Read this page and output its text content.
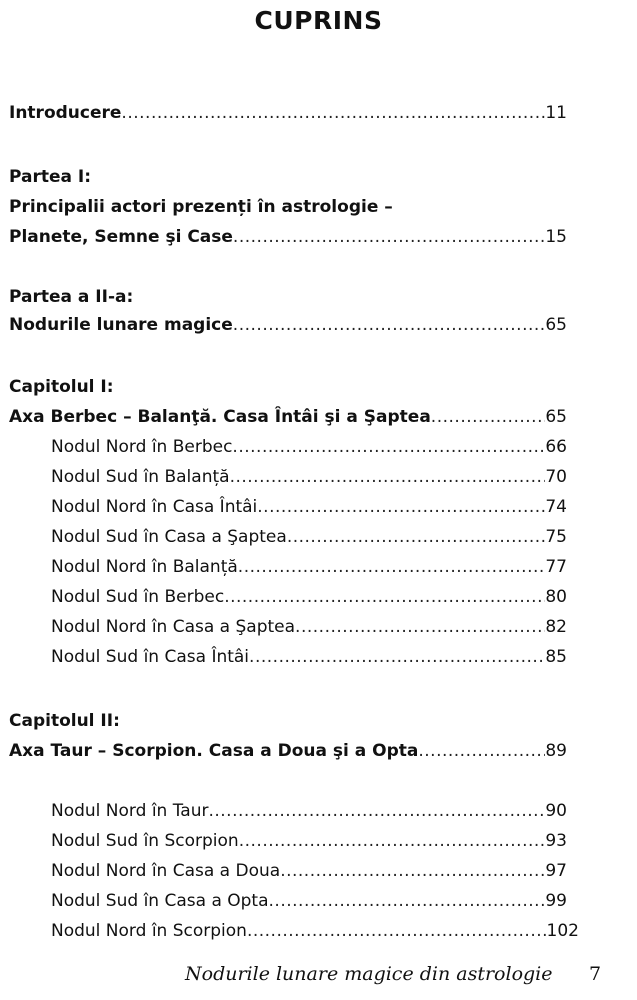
CUPRINS
Introducere .....	11
Partea I:
Principalii actori prezenți în astrologie –
Planete, Semne şi Case .....	15
Partea a II-a:
Nodurile lunare magice .....	65
Capitolul I:
Axa Berbec – Balanţă. Casa Întâi şi a Şaptea .....	65
Nodul Nord în Berbec .....	66
Nodul Sud în Balanță .....	70
Nodul Nord în Casa Întâi .....	74
Nodul Sud în Casa a Şaptea .....	75
Nodul Nord în Balanță .....	77
Nodul Sud în Berbec .....	80
Nodul Nord în Casa a Şaptea .....	82
Nodul Sud în Casa Întâi .....	85
Capitolul II:
Axa Taur – Scorpion. Casa a Doua şi a Opta .....	89
Nodul Nord în Taur .....	90
Nodul Sud în Scorpion .....	93
Nodul Nord în Casa a Doua .....	97
Nodul Sud în Casa a Opta .....	99
Nodul Nord în Scorpion .....	102
Nodurile lunare magice din astrologie 7
